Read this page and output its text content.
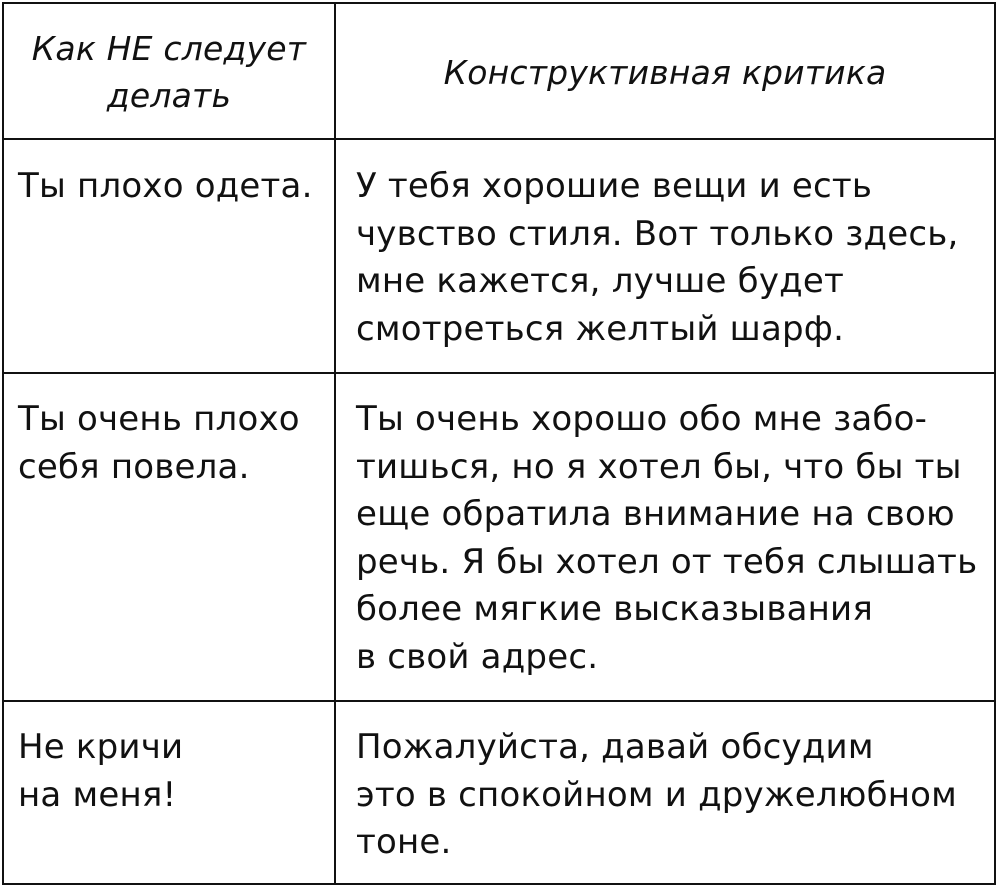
Как НЕ следует
делать
Конструктивная критика
Ты плохо одета.	У тебя хорошие вещи и есть
чувство стиля. Вот только здесь,
мне кажется, лучше будет
смотреться желтый шарф.
Ты очень плохо
себя повела.
Ты очень хорошо обо мне забо-
тишься, но я хотел бы, что бы ты
еще обратила внимание на свою
речь. Я бы хотел от тебя слышать
более мягкие высказывания
в свой адрес.
Не кричи
на меня!
Пожалуйста, давай обсудим
это в спокойном и дружелюбном
тоне.
